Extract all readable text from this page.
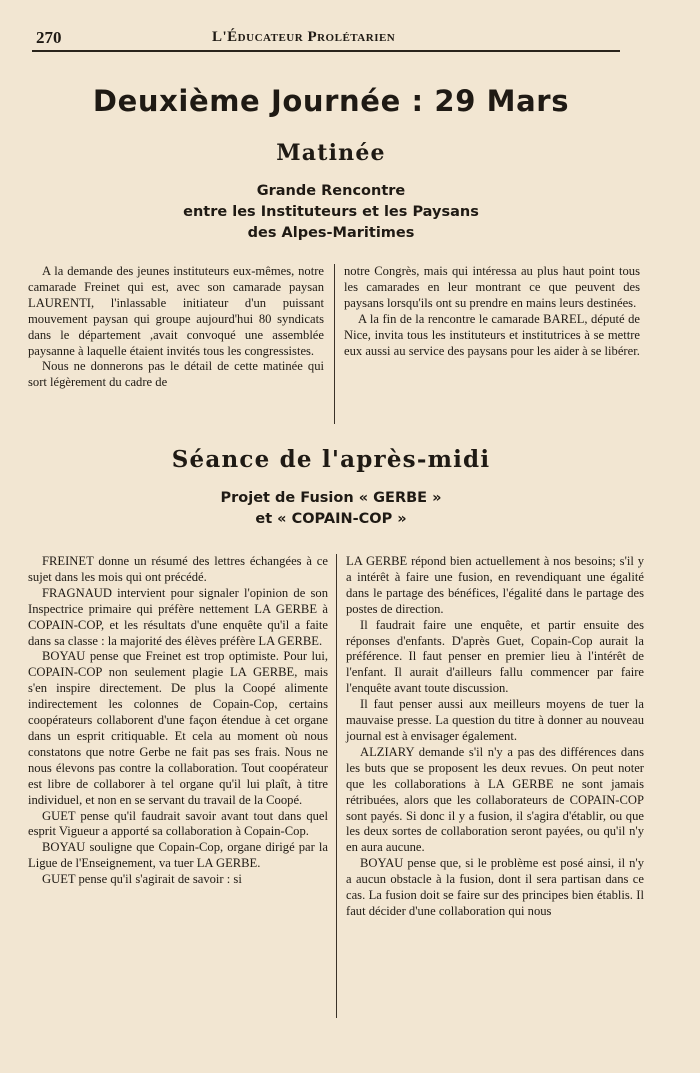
270	L'Éducateur Prolétarien
Deuxième Journée : 29 Mars
Matinée
Grande Rencontre
entre les Instituteurs et les Paysans
des Alpes-Maritimes

A la demande des jeunes instituteurs eux-mêmes, notre camarade Freinet qui est, avec son camarade paysan LAURENTI, l'inlassable initiateur d'un puissant mouvement paysan qui groupe aujourd'hui 80 syndicats dans le département ,avait convoqué une assemblée paysanne à laquelle étaient invités tous les congressistes.

Nous ne donnerons pas le détail de cette matinée qui sort légèrement du cadre de

notre Congrès, mais qui intéressa au plus haut point tous les camarades en leur montrant ce que peuvent des paysans lorsqu'ils ont su prendre en mains leurs destinées.

A la fin de la rencontre le camarade BAREL, député de Nice, invita tous les instituteurs et institutrices à se mettre eux aussi au service des paysans pour les aider à se libérer.

Séance de l'après-midi
Projet de Fusion « GERBE »
et « COPAIN-COP »

FREINET donne un résumé des lettres échangées à ce sujet dans les mois qui ont précédé.

FRAGNAUD intervient pour signaler l'opinion de son Inspectrice primaire qui préfère nettement LA GERBE à COPAIN-COP, et les résultats d'une enquête qu'il a faite dans sa classe : la majorité des élèves préfère LA GERBE.

BOYAU pense que Freinet est trop optimiste. Pour lui, COPAIN-COP non seulement plagie LA GERBE, mais s'en inspire directement. De plus la Coopé alimente indirectement les colonnes de Copain-Cop, certains coopérateurs collaborent d'une façon étendue à cet organe dans un esprit critiquable. Et cela au moment où nous constatons que notre Gerbe ne fait pas ses frais. Nous ne nous élevons pas contre la collaboration. Tout coopérateur est libre de collaborer à tel organe qu'il lui plaît, à titre individuel, et non en se servant du travail de la Coopé.

GUET pense qu'il faudrait savoir avant tout dans quel esprit Vigueur a apporté sa collaboration à Copain-Cop.

BOYAU souligne que Copain-Cop, organe dirigé par la Ligue de l'Enseignement, va tuer LA GERBE.

GUET pense qu'il s'agirait de savoir : si

LA GERBE répond bien actuellement à nos besoins; s'il y a intérêt à faire une fusion, en revendiquant une égalité dans le partage des bénéfices, l'égalité dans le partage des postes de direction.

Il faudrait faire une enquête, et partir ensuite des réponses d'enfants. D'après Guet, Copain-Cop aurait la préférence. Il faut penser en premier lieu à l'intérêt de l'enfant. Il aurait d'ailleurs fallu commencer par faire l'enquête avant toute discussion.

Il faut penser aussi aux meilleurs moyens de tuer la mauvaise presse. La question du titre à donner au nouveau journal est à envisager également.

ALZIARY demande s'il n'y a pas des différences dans les buts que se proposent les deux revues. On peut noter que les collaborations à LA GERBE ne sont jamais rétribuées, alors que les collaborateurs de COPAIN-COP sont payés. Si donc il y a fusion, il s'agira d'établir, ou que les deux sortes de collaboration seront payées, ou qu'il n'y en aura aucune.

BOYAU pense que, si le problème est posé ainsi, il n'y a aucun obstacle à la fusion, dont il sera partisan dans ce cas. La fusion doit se faire sur des principes bien établis. Il faut décider d'une collaboration qui nous
